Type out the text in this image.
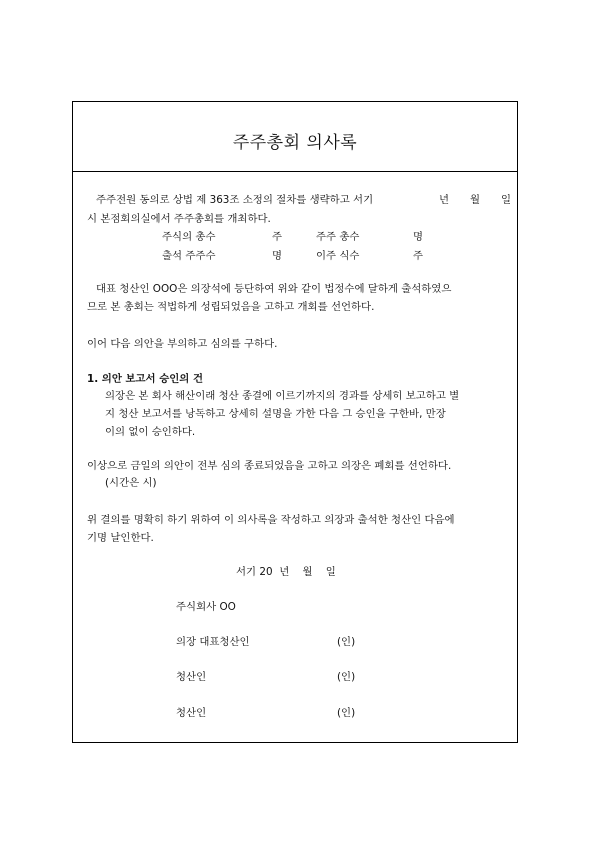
주주총회 의사록
주주전원 동의로 상법 제 363조 소정의 절차를 생략하고 서기	년 월 일
시 본점회의실에서 주주총회를 개최하다.
주식의 총수	주	주주 총수	명
출석 주주수	명	이주 식수	주
대표 청산인 OOO은 의장석에 등단하여 위와 같이 법정수에 달하게 출석하였으
므로 본 총회는 적법하게 성립되었음을 고하고 개회를 선언하다.
이어 다음 의안을 부의하고 심의를 구하다.
1. 의안 보고서 승인의 건
의장은 본 회사 해산이래 청산 종결에 이르기까지의 경과를 상세히 보고하고 별
지 청산 보고서를 낭독하고 상세히 설명을 가한 다음 그 승인을 구한바, 만장
이의 없이 승인하다.
이상으로 금일의 의안이 전부 심의 종료되었음을 고하고 의장은 폐회를 선언하다.
(시간은 시)
위 결의를 명확히 하기 위하여 이 의사록을 작성하고 의장과 출석한 청산인 다음에
기명 날인한다.
서기 20  년    월    일
주식회사 OO
의장 대표청산인	(인)
청산인	(인)
청산인	(인)
